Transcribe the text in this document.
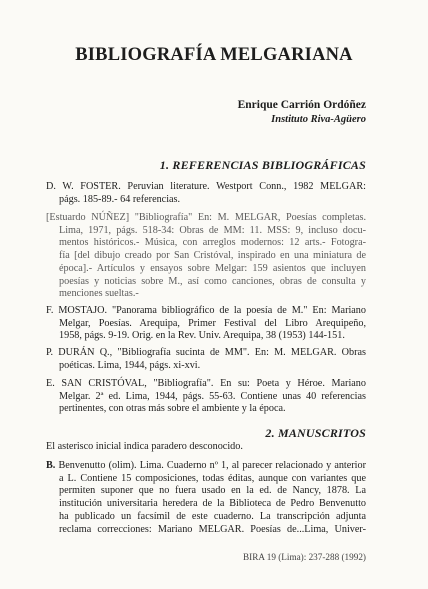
BIBLIOGRAFÍA MELGARIANA
Enrique Carrión Ordóñez
Instituto Riva-Agüero
1. REFERENCIAS BIBLIOGRÁFICAS
D. W. FOSTER. Peruvian literature. Westport Conn., 1982 MELGAR:
págs. 185-89.- 64 referencias.
[Estuardo NÚÑEZ] "Bibliografía" En: M. MELGAR, Poesías completas.
Lima, 1971, págs. 518-34: Obras de MM: 11. MSS: 9, incluso docu-
mentos históricos.- Música, con arreglos modernos: 12 arts.- Fotogra-
fía [del dibujo creado por San Cristóval, inspirado en una miniatura de
época].- Artículos y ensayos sobre Melgar: 159 asientos que incluyen
poesías y noticias sobre M., así como canciones, obras de consulta y
menciones sueltas.-
F. MOSTAJO. "Panorama bibliográfico de la poesía de M." En: Mariano
Melgar, Poesías. Arequipa, Primer Festival del Libro Arequipeño,
1958, págs. 9-19. Orig. en la Rev. Univ. Arequipa, 38 (1953) 144-151.
P. DURÁN Q., "Bibliografía sucinta de MM". En: M. MELGAR. Obras
poéticas. Lima, 1944, págs. xi-xvi.
E. SAN CRISTÓVAL, "Bibliografía". En su: Poeta y Héroe. Mariano
Melgar. 2ª ed. Lima, 1944, págs. 55-63. Contiene unas 40 referencias
pertinentes, con otras más sobre el ambiente y la época.
2. MANUSCRITOS
El asterisco inicial indica paradero desconocido.
B. Benvenutto (olim). Lima. Cuaderno nº 1, al parecer relacionado y anterior
a L. Contiene 15 composiciones, todas éditas, aunque con variantes que
permiten suponer que no fuera usado en la ed. de Nancy, 1878. La
institución universitaria heredera de la Biblioteca de Pedro Benvenutto
ha publicado un facsímil de este cuaderno. La transcripción adjunta
reclama correcciones: Mariano MELGAR. Poesías de...Lima, Univer-
BIRA 19 (Lima): 237-288 (1992)
